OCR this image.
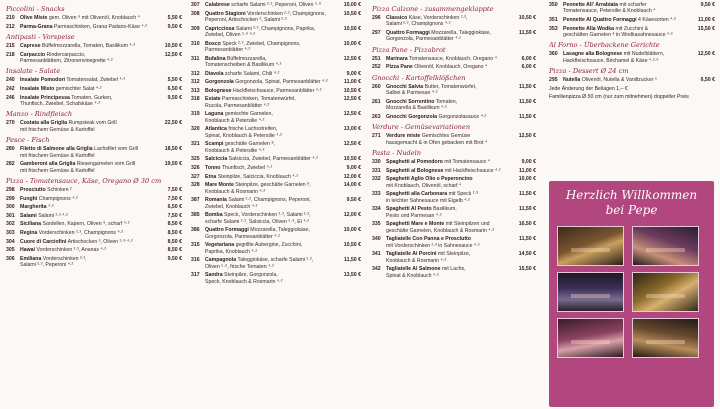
Piccolini - Snacks
210	Olive Miste gem. Oliven ⁹ mit Olivenöl, Knoblauch ⁴	5,50 €
212	Parma-Grana Parmaschinken, Grana Padano-Käse ⁴·²	9,50 €
Antipasti - Vorspeise
215	Caprese Büffelmozzarella, Tomaten, Basilikum ⁴·²	10,50 €
218	Carpaccio Rindercarpaccio,
Parmesanblättern, Zitronenvinegrette ⁴·²
12,50 €
Insalate - Salate
240	Insalate Pomodori Tomatensalat, Zwiebel ⁴·²	5,50 €
242	Insalate Misto gemischter Salat ⁴·²	6,50 €
246	Insalate Principessa Tomaten, Gurken,
Thunfisch, Zwiebel, Schafskäse ⁴·²
9,50 €
Manzo - Rindfleisch
270	Costata alla Griglia Rumpsteak vom Grill
mit frischem Gemüse & Kartoffel
22,50 €
Pesce - Fisch
280	Filetto di Salmone alla Griglia Lachsfilet vom Grill
mit frischem Gemüse & Kartoffel
18,50 €
282	Gamberoni alla Griglia Riesengarnelen vom Grill
mit frischem Gemüse & Kartoffel
19,50 €
Pizza - Tomatensauce, Käse, Oregano Ø 30 cm
298	Prosciutto Schinken ²	7,50 €
299	Funghi Champignons ⁴·²	7,50 €
300	Margherita ⁴·²	6,50 €
301	Salami Salami ²·³ ⁴·²	7,50 €
302	Siciliana Sardellen, Kapern, Oliven ⁹, scharf ⁴·²	8,50 €
303	Regina Vorderschinken ²·³, Champignons ⁴·²	8,50 €
304	Cuore di Carciofini Artischocken ², Oliven ⁵·⁹ ⁴·²	8,50 €
305	Hawai Vorderschinken ²·³, Ananas ⁴·²	8,50 €
306	Emiliana Vorderschinken ²·³,
Salami ²·³, Peperoni ⁴·²
9,50 €
307	Calabrese scharfe Salami ²·³, Peperoni, Oliven ⁵·⁹	10,00 €
308	Quattro Stagioni Vorderschinken ²·³, Champignons,
Peperoni, Artischocken ², Salami ²·³
10,50 €
309	Capricciosa Salami ²·³, Champignons, Paprika,
Zwiebel, Oliven ⁵·⁹ ⁴·²
10,50 €
310	Bosco Speck ²·³, Zwiebel, Champignons,
Parmesanblätter ⁴·²
10,00 €
311	Bufalina Büffelmozzarella,
Tomatenscheiben & Basilikum ⁴·²
12,50 €
312	Diavola scharfe Salami, Chili ⁴·²	9,00 €
312	Gorgonzola Gorgonzola, Spinat, Parmesanblätter ⁴·²	11,00 €
313	Bolognese Hackfleischsauce, Parmesanblätter ⁴·²	10,50 €
318	Estate Parmaschinken, Tomatenwürfel,
Rucola, Parmesanblätter ⁴·²
12,50 €
319	Laguna gemischte Garnelen,
Knoblauch & Petersilie ⁴·²
12,50 €
320	Atlantica frische Lachsstreifen,
Spinat, Knoblauch & Petersilie ⁴·²
13,00 €
321	Scampi geschälte Garnelen ⁸,
Knoblauch & Petersilie ⁴·²
12,50 €
325	Salciccia Salsiccia, Zwiebel, Parmesanblätter ⁴·²	10,50 €
326	Tonno Thunfisch, Zwiebel ⁴·²	9,00 €
327	Etna Steinpilze, Salciccia, Knoblauch ⁴·²	12,00 €
328	Mare Monte Steinpilze, geschälte Garnelen ⁸,
Knoblauch & Rosmarin ⁴·²
14,00 €
387	Romania Salami ²·³, Champignons, Peperoni,
Zwiebel, Knoblauch ⁴·²
9,50 €
385	Bomba Speck, Vorderschinken ²·³, Salami ²·³,
scharfe Salami ²·³, Salsiccia, Oliven ⁵·⁹, Ei ⁴·²
12,00 €
386	Quattro Formaggi Mozzarella, Taleggiokäse,
Gorgonzola, Parmesanblätter ⁴·²
10,00 €
315	Vegetariana gegrillte Aubergine, Zucchini,
Paprika, Knoblauch ⁴·²
10,50 €
316	Campagnola Taleggiokäse, scharfe Salami ²·³,
Oliven ⁵·⁹, frische Tomaten ⁴·²
11,50 €
317	Sandra Steinpilze, Gorgonzola,
Speck, Knoblauch & Rosmarin ⁴·²
13,50 €
Pizza Calzone - zusammengeklappte
296	Classico Käse, Vorderschinken ²·³,
Salami ²·³, Champignons ⁴·²
10,50 €
297	Quattro Formaggi Mozzarella, Taleggiokäse,
Gorgonzola, Parmesanblätter ⁴·²
11,50 €
Pizza Pane - Pizzabrot
251	Marinara Tomatensauce, Knoblauch, Oregano ⁴	6,00 €
252	Pizza Pane Olivenöl, Knoblauch, Oregano ⁴	6,00 €
Gnocchi - Kartoffelklößchen
260	Gnocchi Salvia Butter, Tomatenwürfel,
Salbei & Parmesan ⁴·²
11,50 €
261	Gnocchi Sorrentino Tomaten,
Mozzarella & Basilikum ⁴·²
11,50 €
263	Gnocchi Gorgonzola Gorgonzolasauce ⁴·²	11,50 €
Verdure - Gemüsevariationen
271	Verdure miste Gemischtes Gemüse
hausgemacht & in Ofen gebacken mit Brot ⁴
12,50 €
Pasta - Nudeln
330	Spaghetti al Pomodoro mit Tomatensauce ⁴	9,00 €
331	Spaghetti al Bolognese mit Hackfleischsauce ⁴·²	11,00 €
332	Spaghetti Aglio Olio e Peperoncino
mit Knoblauch, Olivenöl, scharf ⁴
10,00 €
333	Spaghetti alla Carbonara mit Speck ²·³
in leichter Sahnesauce mit Eigelb ⁴·²
11,50 €
334	Spaghetti Al Pesto Basilikum,
Pesto und Parmesan ⁴·²
11,50 €
335	Spaghetti Mare e Monte mit Steinpilzen und
geschälte Garnelen, Knoblauch & Rosmarin ⁴·²
16,50 €
340	Tagliatelle Con Panna e Prosciutto
mit Vorderschinken ²·³ in Sahnesauce ⁴·²
11,50 €
341	Tagliatelle Ai Porcini mit Steinpilze,
Knoblauch & Rosmarin ⁴·²
14,50 €
342	Tagliatelle Al Salmone mit Lachs,
Spinat & Knoblauch ⁴·²
15,50 €
350	Pennette All' Arrabiata mit scharfer
Tomatensauce, Petersilie & Knoblauch ⁴
9,50 €
351	Pennette Al Quattro Formaggi 4 Käsesorten ⁴·²	11,00 €
353	Pennette Alla Wodka mit Zucchini &
geschälten Garnelen ⁸ in Wodkasahnesauce ⁴·²
15,50 €
Al Forno - Überbackene Gerichte
360	Lasagne alla Bolognese mit Nudelblättern,
Hackfleischsauce, Béchamel & Käse ⁴·²·⁶
12,50 €
Pizza - Dessert Ø 24 cm
295	Nutella Olivenöl, Nutella & Vanillzucker ⁵	6,50 €
Jede Änderung der Beilagen 1,– €
Familienpizza Ø 50 cm (nur zum mitnehmen) doppelter Preis
Herzlich Willkommen
bei Pepe
